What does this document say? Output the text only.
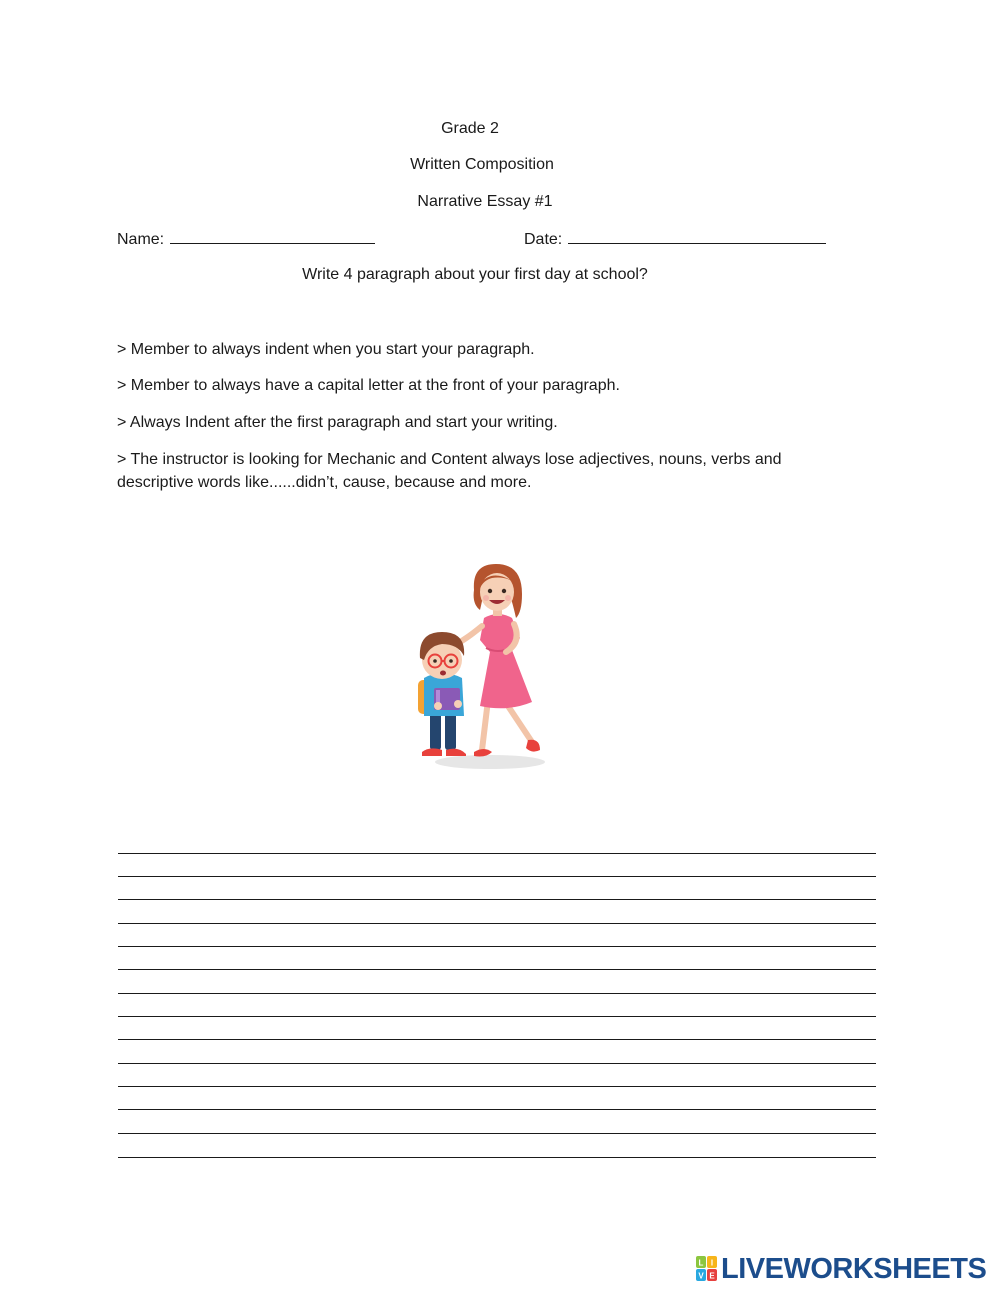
Grade 2
Written Composition
Narrative Essay #1
Name:	Date:
Write 4 paragraph about your first day at school?
> Member to always indent when you start your paragraph.
> Member to always have a capital letter at the front of your paragraph.
> Always Indent after the first paragraph and start your writing.
> The instructor is looking for Mechanic and Content always lose adjectives, nouns, verbs and descriptive words like......didn’t, cause, because and more.
L I
V E LIVEWORKSHEETS
